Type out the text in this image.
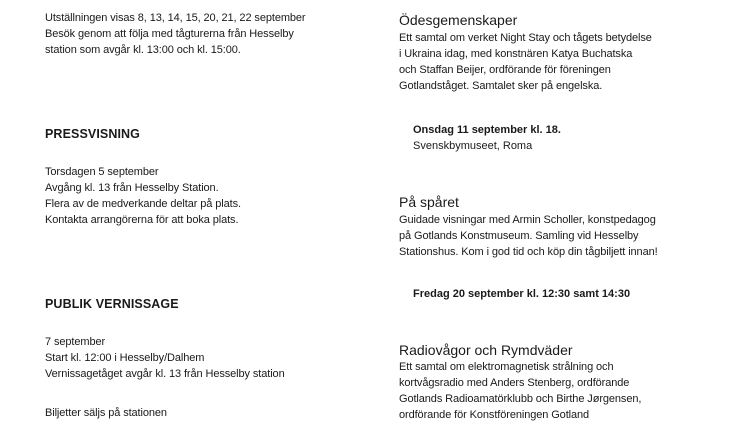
Utställningen visas 8, 13, 14, 15, 20, 21, 22 september
Besök genom att följa med tågturerna från Hesselby
station som avgår kl. 13:00 och kl. 15:00.
PRESSVISNING
Torsdagen 5 september
Avgång kl. 13 från Hesselby Station.
Flera av de medverkande deltar på plats.
Kontakta arrangörerna för att boka plats.
PUBLIK VERNISSAGE
7 september
Start kl. 12:00 i Hesselby/Dalhem
Vernissagetåget avgår kl. 13 från Hesselby station
Biljetter säljs på stationen
Ödesgemenskaper
Ett samtal om verket Night Stay och tågets betydelse
i Ukraina idag, med konstnären Katya Buchatska
och Staffan Beijer, ordförande för föreningen
Gotlandståget. Samtalet sker på engelska.
Onsdag 11 september kl. 18.
Svenskbymuseet, Roma
På spåret
Guidade visningar med Armin Scholler, konstpedagog
på Gotlands Konstmuseum. Samling vid Hesselby
Stationshus. Kom i god tid och köp din tågbiljett innan!
Fredag 20 september kl. 12:30 samt 14:30
Radiovågor och Rymdväder
Ett samtal om elektromagnetisk strålning och
kortvågsradio med Anders Stenberg, ordförande
Gotlands Radioamatörklubb och Birthe Jørgensen,
ordförande för Konstföreningen Gotland
